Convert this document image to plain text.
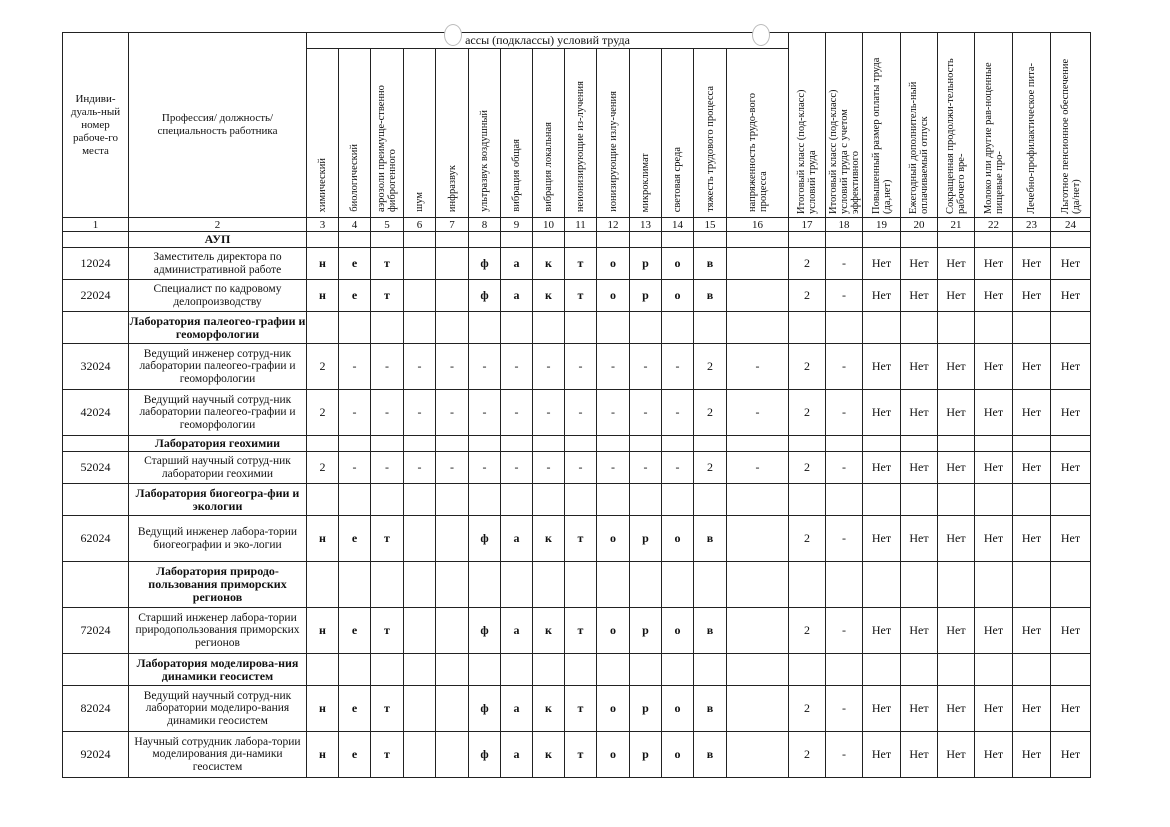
Индиви-дуаль-ный номер рабоче-го места	Профессия/ должность/ специальность работника	ассы (подклассы) условий труда														Итоговый класс (под-класс) условий труда	Итоговый класс (под-класс) условий труда с учетом эффективного	Повышенный размер оплаты труда (да,нет)	Ежегодный дополнитель-ный оплачиваемый отпуск	Сокращенная продолжи-тельность рабочего вре-	Молоко или другие рав-ноценные пищевые про-	Лечебно-профилактическое пита-	Льготное пенсионное обеспечение (да/нет)
		химический	биологический	аэрозоли преимуще-ственно фиброгенного	шум	инфразвук	ультразвук воздушный	вибрация общая	вибрация локальная	неионизирующие из-лучения	ионизирующие излу-чения	микроклимат	световая среда	тяжесть трудового процесса	напряженность трудо-вого процесса								
1	2	3	4	5	6	7	8	9	10	11	12	13	14	15	16	17	18	19	20	21	22	23	24
	АУП																						
12024	Заместитель директора по административной работе	н	е	т			ф	а	к	т	о	р	о	в		2	-	Нет	Нет	Нет	Нет	Нет	Нет
22024	Специалист по кадровому делопроизводству	н	е	т			ф	а	к	т	о	р	о	в		2	-	Нет	Нет	Нет	Нет	Нет	Нет
	Лаборатория палеогео-графии и геоморфологии																						
32024	Ведущий инженер сотруд-ник лаборатории палеогео-графии и геоморфологии	2	-	-	-	-	-	-	-	-	-	-	-	2	-	2	-	Нет	Нет	Нет	Нет	Нет	Нет
42024	Ведущий научный сотруд-ник лаборатории палеогео-графии и геоморфологии	2	-	-	-	-	-	-	-	-	-	-	-	2	-	2	-	Нет	Нет	Нет	Нет	Нет	Нет
	Лаборатория геохимии																						
52024	Старший научный сотруд-ник лаборатории геохимии	2	-	-	-	-	-	-	-	-	-	-	-	2	-	2	-	Нет	Нет	Нет	Нет	Нет	Нет
	Лаборатория биогеогра-фии и экологии																						
62024	Ведущий инженер лабора-тории биогеографии и эко-логии	н	е	т			ф	а	к	т	о	р	о	в		2	-	Нет	Нет	Нет	Нет	Нет	Нет
	Лаборатория природо-пользования приморских регионов																						
72024	Старший инженер лабора-тории природопользования приморских регионов	н	е	т			ф	а	к	т	о	р	о	в		2	-	Нет	Нет	Нет	Нет	Нет	Нет
	Лаборатория моделирова-ния динамики геосистем																						
82024	Ведущий научный сотруд-ник лаборатории моделиро-вания динамики геосистем	н	е	т			ф	а	к	т	о	р	о	в		2	-	Нет	Нет	Нет	Нет	Нет	Нет
92024	Научный сотрудник лабора-тории моделирования ди-намики геосистем	н	е	т			ф	а	к	т	о	р	о	в		2	-	Нет	Нет	Нет	Нет	Нет	Нет
